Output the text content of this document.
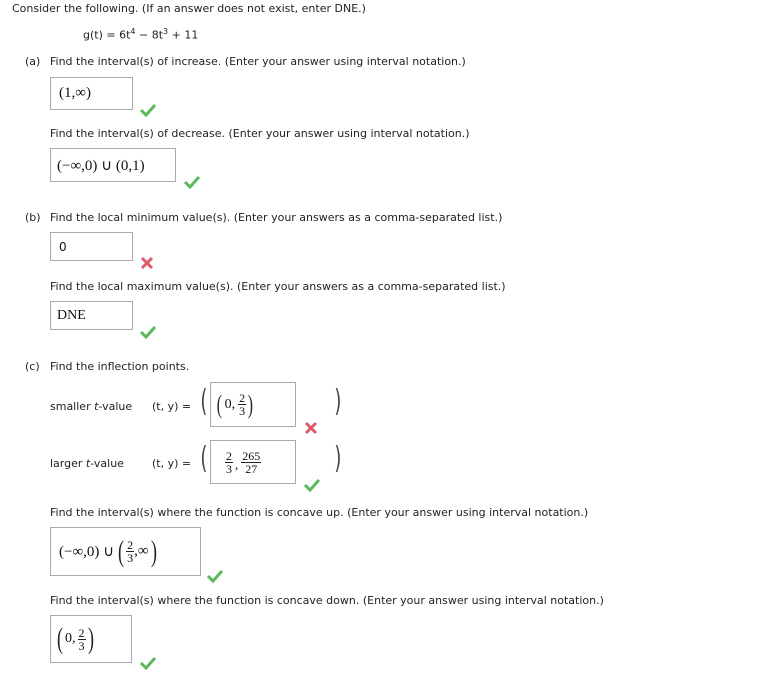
Consider the following. (If an answer does not exist, enter DNE.)
$g(t) = 6t^4 - 8t^3 + 11$
(a) Find the interval(s) of increase. (Enter your answer using interval notation.)
(1,∞)
Find the interval(s) of decrease. (Enter your answer using interval notation.)
(−∞,0) ∪ (0,1)
(b) Find the local minimum value(s). (Enter your answers as a comma-separated list.)
0
Find the local maximum value(s). (Enter your answers as a comma-separated list.)
DNE
(c) Find the inflection points.
smaller t-value (t, y) = ( ( 0, $\frac{2}{3}$ )	)
larger t-value	(t, y) = ( $\frac{2}{3}$ , $\frac{265}{27}$ )
Find the interval(s) where the function is concave up. (Enter your answer using interval notation.)
(−∞,0) ∪ ( $\frac{2}{3}$ ,∞ )
Find the interval(s) where the function is concave down. (Enter your answer using interval notation.)
( 0, $\frac{2}{3}$ )
